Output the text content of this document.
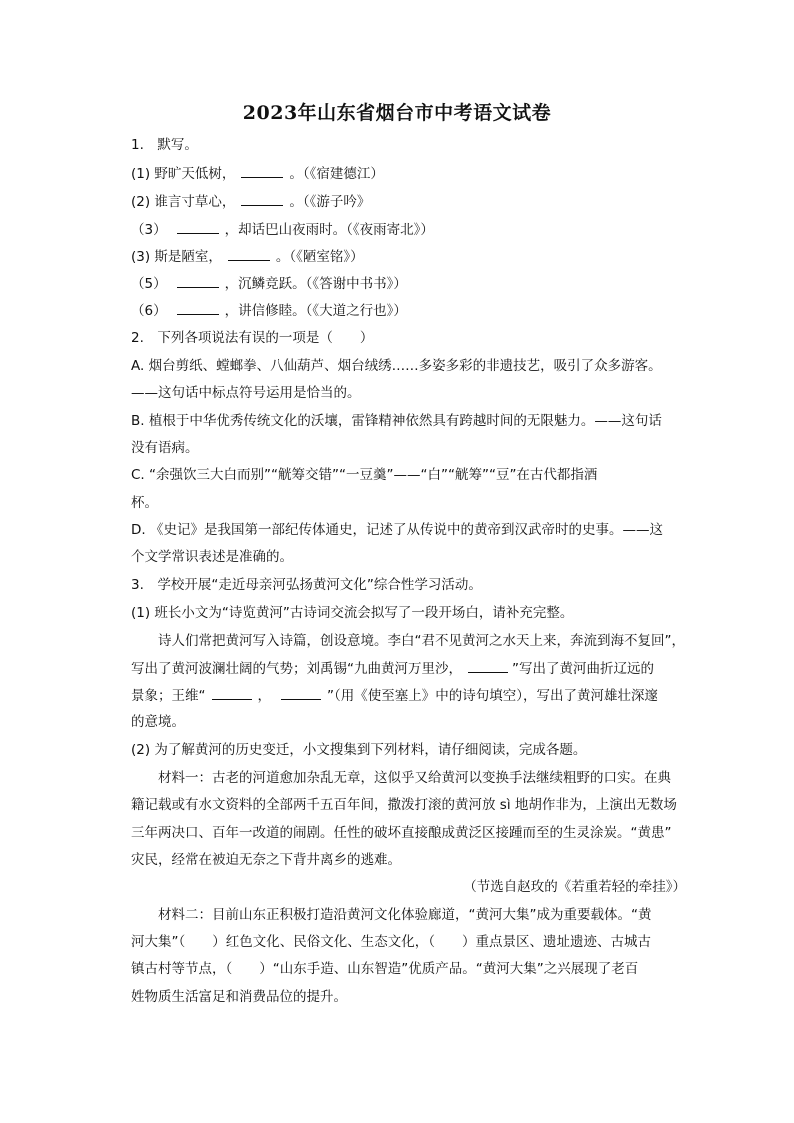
2023年山东省烟台市中考语文试卷
1.　默写。
(1) 野旷天低树，	。（《宿建德江）
(2) 谁言寸草心，	。（《游子吟》
（3）	，却话巴山夜雨时。（《夜雨寄北》）
(3) 斯是陋室，	。（《陋室铭》）
（5）	，沉鳞竞跃。（《答谢中书书》）
（6）	，讲信修睦。（《大道之行也》）
2.　下列各项说法有误的一项是（　　）
A. 烟台剪纸、螳螂拳、八仙葫芦、烟台绒绣……多姿多彩的非遗技艺，吸引了众多游客。
——这句话中标点符号运用是恰当的。
B. 植根于中华优秀传统文化的沃壤，雷锋精神依然具有跨越时间的无限魅力。——这句话
没有语病。
C. “余强饮三大白而别”“觥筹交错”“一豆羹”——“白”“觥筹”“豆”在古代都指酒
杯。
D. 《史记》是我国第一部纪传体通史，记述了从传说中的黄帝到汉武帝时的史事。——这
个文学常识表述是准确的。
3.　学校开展“走近母亲河弘扬黄河文化”综合性学习活动。
(1) 班长小文为“诗览黄河”古诗词交流会拟写了一段开场白，请补充完整。
　　诗人们常把黄河写入诗篇，创设意境。李白“君不见黄河之水天上来，奔流到海不复回”，
写出了黄河波澜壮阔的气势；刘禹锡“九曲黄河万里沙，	”写出了黄河曲折辽远的
景象；王维“	，	”（用《使至塞上》中的诗句填空），写出了黄河雄壮深邃
的意境。
(2) 为了解黄河的历史变迁，小文搜集到下列材料，请仔细阅读，完成各题。
　　材料一：古老的河道愈加杂乱无章，这似乎又给黄河以变换手法继续粗野的口实。在典
籍记载或有水文资料的全部两千五百年间，撒泼打滚的黄河放 sì 地胡作非为，上演出无数场
三年两决口、百年一改道的闹剧。任性的破坏直接酿成黄泛区接踵而至的生灵涂炭。“黄患”
灾民，经常在被迫无奈之下背井离乡的逃难。
（节选自赵玫的《若重若轻的牵挂》）
　　材料二：目前山东正积极打造沿黄河文化体验廊道，“黄河大集”成为重要载体。“黄
河大集”（　　）红色文化、民俗文化、生态文化，（　　）重点景区、遗址遗迹、古城古
镇古村等节点，（　　）“山东手造、山东智造”优质产品。“黄河大集”之兴展现了老百
姓物质生活富足和消费品位的提升。
